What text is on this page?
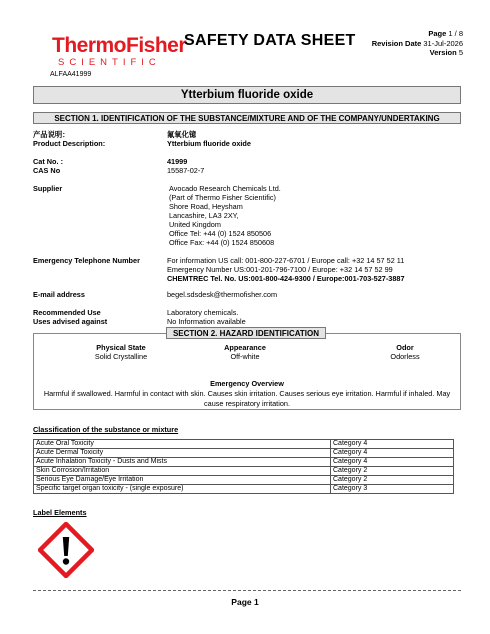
ThermoFisher
SCIENTIFIC
SAFETY DATA SHEET	Page 1 / 8
Revision Date 31-Jul-2026
Version 5
ALFAA41999
Ytterbium fluoride oxide
SECTION 1. IDENTIFICATION OF THE SUBSTANCE/MIXTURE AND OF THE COMPANY/UNDERTAKING
产品说明：	氟氧化镱
Product Description:	Ytterbium fluoride oxide
Cat No. :	41999
CAS No	15587-02-7
Supplier	Avocado Research Chemicals Ltd.
(Part of Thermo Fisher Scientific)
Shore Road, Heysham
Lancashire, LA3 2XY,
United Kingdom
Office Tel: +44 (0) 1524 850506
Office Fax: +44 (0) 1524 850608
Emergency Telephone Number	For information US call: 001-800-227-6701 / Europe call: +32 14 57 52 11
Emergency Number US:001-201-796-7100 / Europe: +32 14 57 52 99
CHEMTREC Tel. No. US:001-800-424-9300 / Europe:001-703-527-3887
E-mail address	begel.sdsdesk@thermofisher.com
Recommended Use	Laboratory chemicals.
Uses advised against	No Information available
SECTION 2. HAZARD IDENTIFICATION
Physical State
Solid Crystalline
Appearance
Off-white
Odor
Odorless
Emergency Overview
Harmful if swallowed. Harmful in contact with skin. Causes skin irritation. Causes serious eye irritation. Harmful if inhaled. May cause respiratory irritation.
Classification of the substance or mixture
Acute Oral Toxicity	Category 4
Acute Dermal Toxicity	Category 4
Acute Inhalation Toxicity - Dusts and Mists	Category 4
Skin Corrosion/Irritation	Category 2
Serious Eye Damage/Eye Irritation	Category 2
Specific target organ toxicity - (single exposure)	Category 3
Label Elements
Page 1
